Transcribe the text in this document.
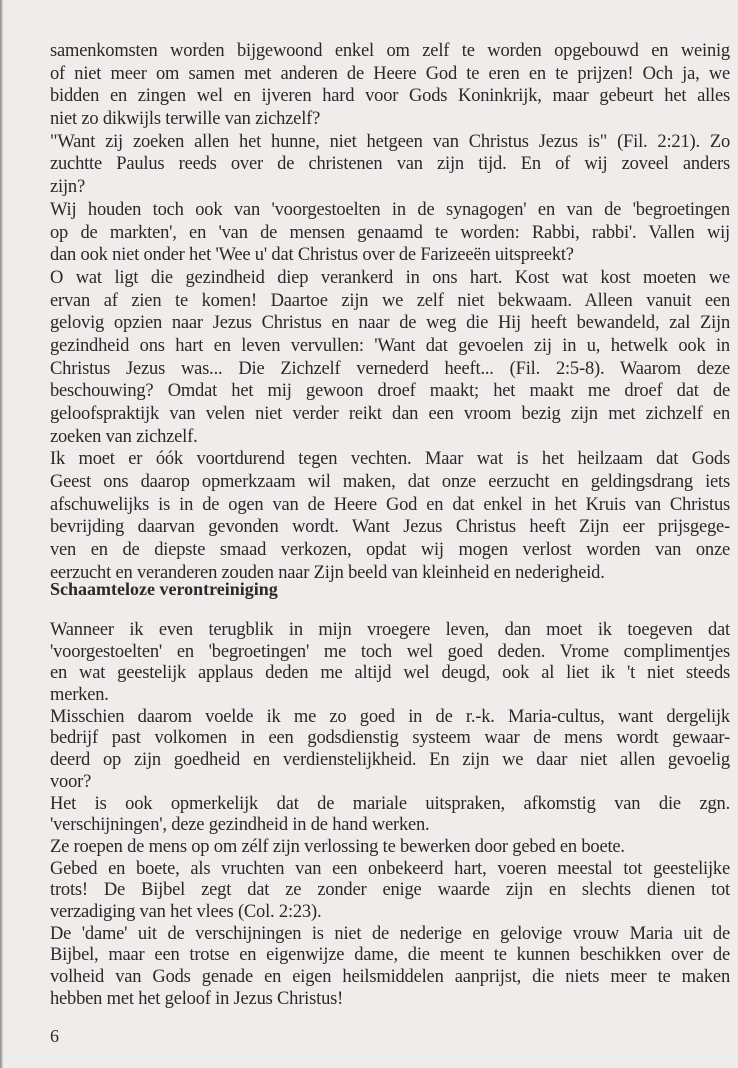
samenkomsten worden bijgewoond enkel om zelf te worden opgebouwd en weinig
of niet meer om samen met anderen de Heere God te eren en te prijzen! Och ja, we
bidden en zingen wel en ijveren hard voor Gods Koninkrijk, maar gebeurt het alles
niet zo dikwijls terwille van zichzelf?
"Want zij zoeken allen het hunne, niet hetgeen van Christus Jezus is" (Fil. 2:21). Zo
zuchtte Paulus reeds over de christenen van zijn tijd. En of wij zoveel anders
zijn?
Wij houden toch ook van 'voorgestoelten in de synagogen' en van de 'begroetingen
op de markten', en 'van de mensen genaamd te worden: Rabbi, rabbi'. Vallen wij
dan ook niet onder het 'Wee u' dat Christus over de Farizeeën uitspreekt?
O wat ligt die gezindheid diep verankerd in ons hart. Kost wat kost moeten we
ervan af zien te komen! Daartoe zijn we zelf niet bekwaam. Alleen vanuit een
gelovig opzien naar Jezus Christus en naar de weg die Hij heeft bewandeld, zal Zijn
gezindheid ons hart en leven vervullen: 'Want dat gevoelen zij in u, hetwelk ook in
Christus Jezus was... Die Zichzelf vernederd heeft... (Fil. 2:5-8). Waarom deze
beschouwing? Omdat het mij gewoon droef maakt; het maakt me droef dat de
geloofspraktijk van velen niet verder reikt dan een vroom bezig zijn met zichzelf en
zoeken van zichzelf.
Ik moet er óók voortdurend tegen vechten. Maar wat is het heilzaam dat Gods
Geest ons daarop opmerkzaam wil maken, dat onze eerzucht en geldingsdrang iets
afschuwelijks is in de ogen van de Heere God en dat enkel in het Kruis van Christus
bevrijding daarvan gevonden wordt. Want Jezus Christus heeft Zijn eer prijsgege-
ven en de diepste smaad verkozen, opdat wij mogen verlost worden van onze
eerzucht en veranderen zouden naar Zijn beeld van kleinheid en nederigheid.
Schaamteloze verontreiniging
Wanneer ik even terugblik in mijn vroegere leven, dan moet ik toegeven dat
'voorgestoelten' en 'begroetingen' me toch wel goed deden. Vrome complimentjes
en wat geestelijk applaus deden me altijd wel deugd, ook al liet ik 't niet steeds
merken.
Misschien daarom voelde ik me zo goed in de r.-k. Maria-cultus, want dergelijk
bedrijf past volkomen in een godsdienstig systeem waar de mens wordt gewaar-
deerd op zijn goedheid en verdienstelijkheid. En zijn we daar niet allen gevoelig
voor?
Het is ook opmerkelijk dat de mariale uitspraken, afkomstig van die zgn.
'verschijningen', deze gezindheid in de hand werken.
Ze roepen de mens op om zélf zijn verlossing te bewerken door gebed en boete.
Gebed en boete, als vruchten van een onbekeerd hart, voeren meestal tot geestelijke
trots! De Bijbel zegt dat ze zonder enige waarde zijn en slechts dienen tot
verzadiging van het vlees (Col. 2:23).
De 'dame' uit de verschijningen is niet de nederige en gelovige vrouw Maria uit de
Bijbel, maar een trotse en eigenwijze dame, die meent te kunnen beschikken over de
volheid van Gods genade en eigen heilsmiddelen aanprijst, die niets meer te maken
hebben met het geloof in Jezus Christus!
6
